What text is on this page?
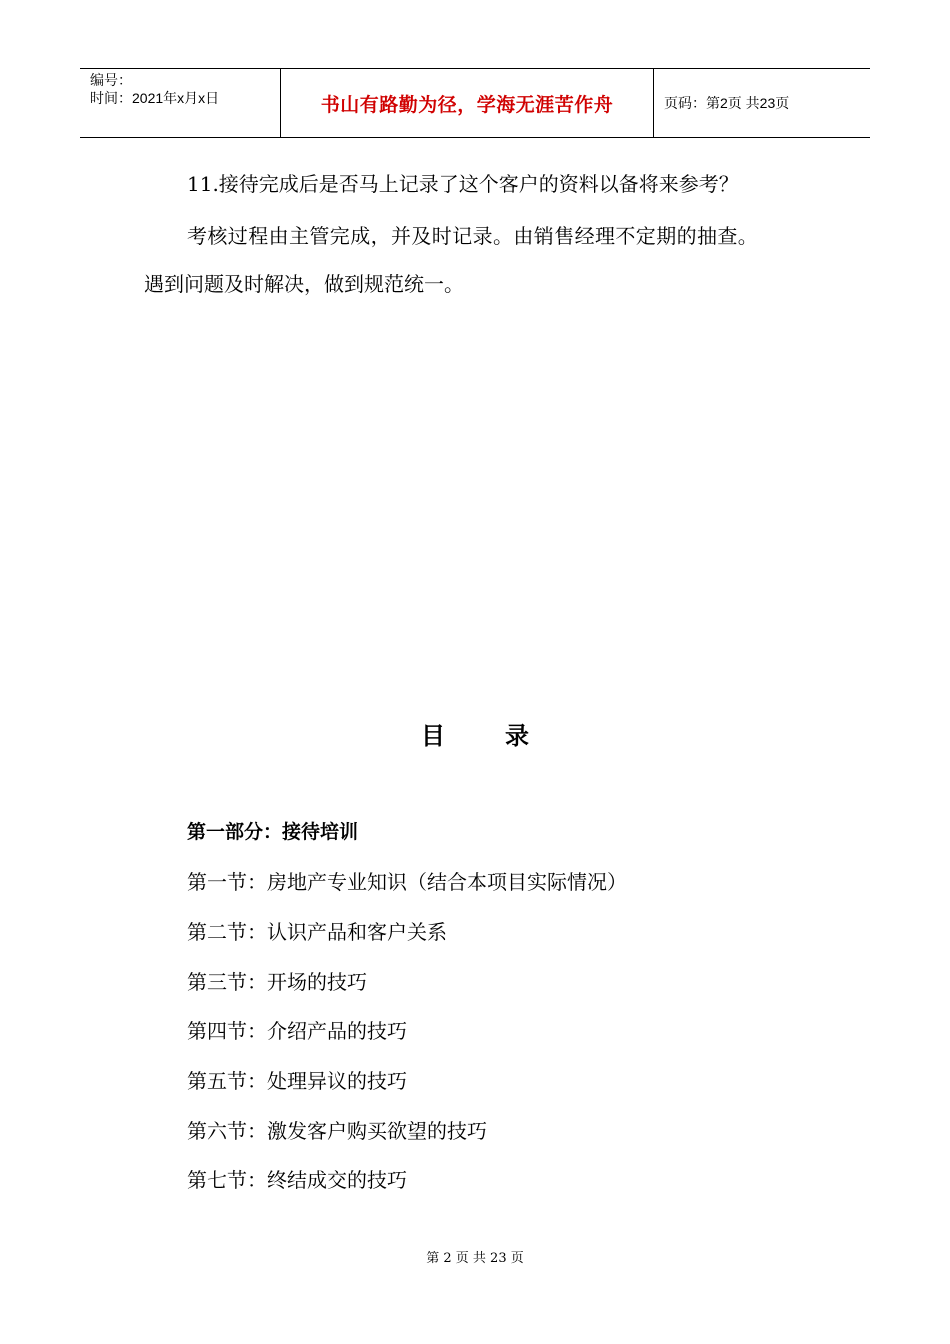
编号：
时间：2021年x月x日	书山有路勤为径，学海无涯苦作舟	页码：第2页 共23页
11.接待完成后是否马上记录了这个客户的资料以备将来参考？
考核过程由主管完成，并及时记录。由销售经理不定期的抽查。
遇到问题及时解决，做到规范统一。
目录
第一部分：接待培训
第一节：房地产专业知识（结合本项目实际情况）
第二节：认识产品和客户关系
第三节：开场的技巧
第四节：介绍产品的技巧
第五节：处理异议的技巧
第六节：激发客户购买欲望的技巧
第七节：终结成交的技巧
第 2 页 共 23 页
